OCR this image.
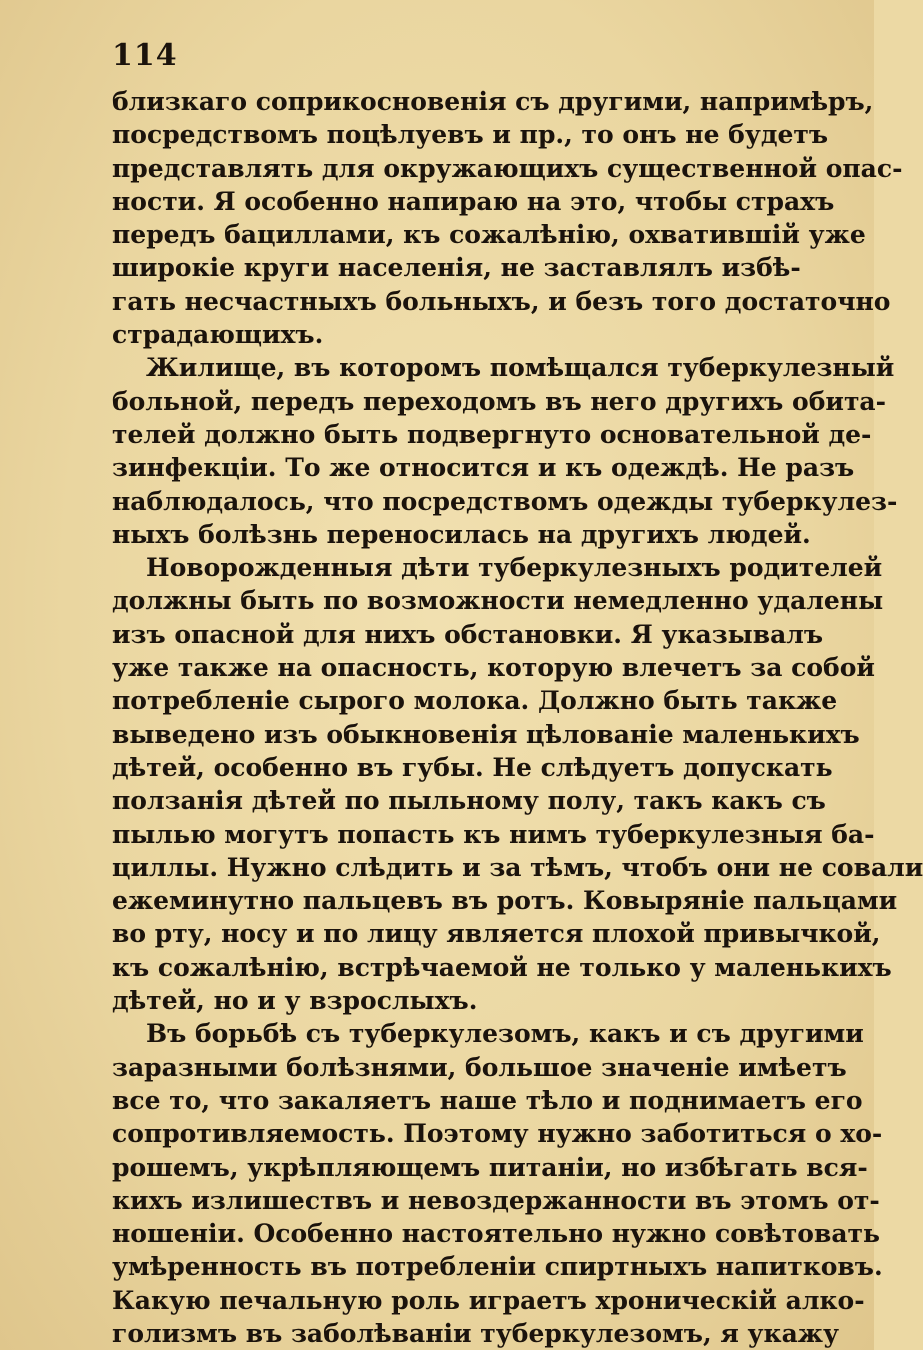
114

близкаго соприкосновенія съ другими, напримѣръ,
посредствомъ поцѣлуевъ и пр., то онъ не будетъ
представлять для окружающихъ существенной опас-
ности. Я особенно напираю на это, чтобы страхъ
передъ бациллами, къ сожалѣнію, охватившій уже
широкіе круги населенія, не заставлялъ избѣ-
гать несчастныхъ больныхъ, и безъ того достаточно
страдающихъ.

Жилище, въ которомъ помѣщался туберкулезный
больной, передъ переходомъ въ него другихъ обита-
телей должно быть подвергнуто основательной де-
зинфекціи. То же относится и къ одеждѣ. Не разъ
наблюдалось, что посредствомъ одежды туберкулез-
ныхъ болѣзнь переносилась на другихъ людей.

Новорожденныя дѣти туберкулезныхъ родителей
должны быть по возможности немедленно удалены
изъ опасной для нихъ обстановки. Я указывалъ
уже также на опасность, которую влечетъ за собой
потребленіе сырого молока. Должно быть также
выведено изъ обыкновенія цѣлованіе маленькихъ
дѣтей, особенно въ губы. Не слѣдуетъ допускать
ползанія дѣтей по пыльному полу, такъ какъ съ
пылью могутъ попасть къ нимъ туберкулезныя ба-
циллы. Нужно слѣдить и за тѣмъ, чтобъ они не совали
ежеминутно пальцевъ въ ротъ. Ковыряніе пальцами
во рту, носу и по лицу является плохой привычкой,
къ сожалѣнію, встрѣчаемой не только у маленькихъ
дѣтей, но и у взрослыхъ.

Въ борьбѣ съ туберкулезомъ, какъ и съ другими
заразными болѣзнями, большое значеніе имѣетъ
все то, что закаляетъ наше тѣло и поднимаетъ его
сопротивляемость. Поэтому нужно заботиться о хо-
рошемъ, укрѣпляющемъ питаніи, но избѣгать вся-
кихъ излишествъ и невоздержанности въ этомъ от-
ношеніи. Особенно настоятельно нужно совѣтовать
умѣренность въ потребленіи спиртныхъ напитковъ.
Какую печальную роль играетъ хроническій алко-
голизмъ въ заболѣваніи туберкулезомъ, я укажу
